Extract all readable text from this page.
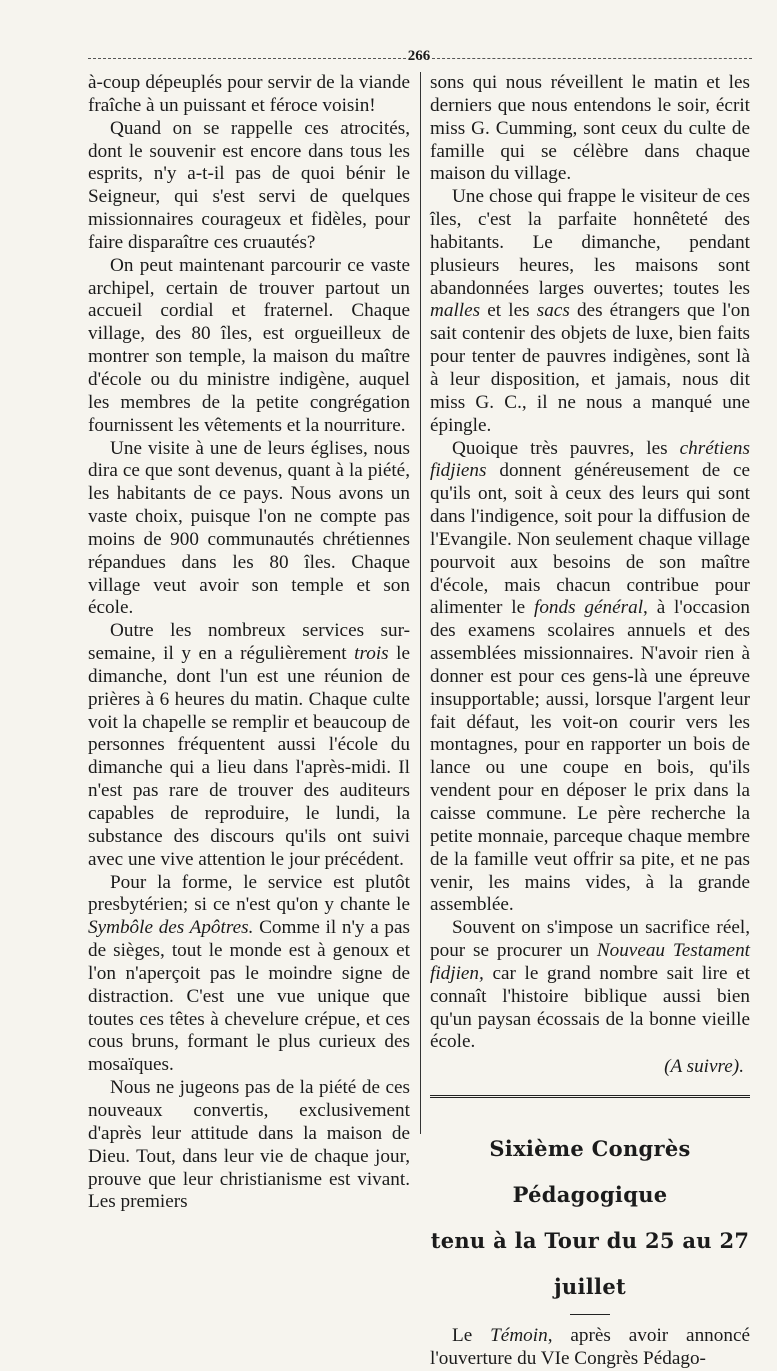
266

à-coup dépeuplés pour servir de la viande fraîche à un puissant et féroce voisin!

Quand on se rappelle ces atrocités, dont le souvenir est encore dans tous les esprits, n'y a-t-il pas de quoi bénir le Seigneur, qui s'est servi de quelques missionnaires courageux et fidèles, pour faire disparaître ces cruautés?

On peut maintenant parcourir ce vaste archipel, certain de trouver partout un accueil cordial et fraternel. Chaque village, des 80 îles, est orgueilleux de montrer son temple, la maison du maître d'école ou du ministre indigène, auquel les membres de la petite congrégation fournissent les vêtements et la nourriture.

Une visite à une de leurs églises, nous dira ce que sont devenus, quant à la piété, les habitants de ce pays. Nous avons un vaste choix, puisque l'on ne compte pas moins de 900 communautés chrétiennes répandues dans les 80 îles. Chaque village veut avoir son temple et son école.

Outre les nombreux services sur-semaine, il y en a régulièrement trois le dimanche, dont l'un est une réunion de prières à 6 heures du matin. Chaque culte voit la chapelle se remplir et beaucoup de personnes fréquentent aussi l'école du dimanche qui a lieu dans l'après-midi. Il n'est pas rare de trouver des auditeurs capables de reproduire, le lundi, la substance des discours qu'ils ont suivi avec une vive attention le jour précédent.

Pour la forme, le service est plutôt presbytérien; si ce n'est qu'on y chante le Symbôle des Apôtres. Comme il n'y a pas de sièges, tout le monde est à genoux et l'on n'aperçoit pas le moindre signe de distraction. C'est une vue unique que toutes ces têtes à chevelure crépue, et ces cous bruns, formant le plus curieux des mosaïques.

Nous ne jugeons pas de la piété de ces nouveaux convertis, exclusivement d'après leur attitude dans la maison de Dieu. Tout, dans leur vie de chaque jour, prouve que leur christianisme est vivant. Les premiers

sons qui nous réveillent le matin et les derniers que nous entendons le soir, écrit miss G. Cumming, sont ceux du culte de famille qui se célèbre dans chaque maison du village.

Une chose qui frappe le visiteur de ces îles, c'est la parfaite honnêteté des habitants. Le dimanche, pendant plusieurs heures, les maisons sont abandonnées larges ouvertes; toutes les malles et les sacs des étrangers que l'on sait contenir des objets de luxe, bien faits pour tenter de pauvres indigènes, sont là à leur disposition, et jamais, nous dit miss G. C., il ne nous a manqué une épingle.

Quoique très pauvres, les chrétiens fidjiens donnent généreusement de ce qu'ils ont, soit à ceux des leurs qui sont dans l'indigence, soit pour la diffusion de l'Evangile. Non seulement chaque village pourvoit aux besoins de son maître d'école, mais chacun contribue pour alimenter le fonds général, à l'occasion des examens scolaires annuels et des assemblées missionnaires. N'avoir rien à donner est pour ces gens-là une épreuve insupportable; aussi, lorsque l'argent leur fait défaut, les voit-on courir vers les montagnes, pour en rapporter un bois de lance ou une coupe en bois, qu'ils vendent pour en déposer le prix dans la caisse commune. Le père recherche la petite monnaie, parceque chaque membre de la famille veut offrir sa pite, et ne pas venir, les mains vides, à la grande assemblée.

Souvent on s'impose un sacrifice réel, pour se procurer un Nouveau Testament fidjien, car le grand nombre sait lire et connaît l'histoire biblique aussi bien qu'un paysan écossais de la bonne vieille école.

(A suivre).

Sixième Congrès Pédagogique
tenu à la Tour du 25 au 27 juillet

Le Témoin, après avoir annoncé l'ouverture du VIe Congrès Pédago-
